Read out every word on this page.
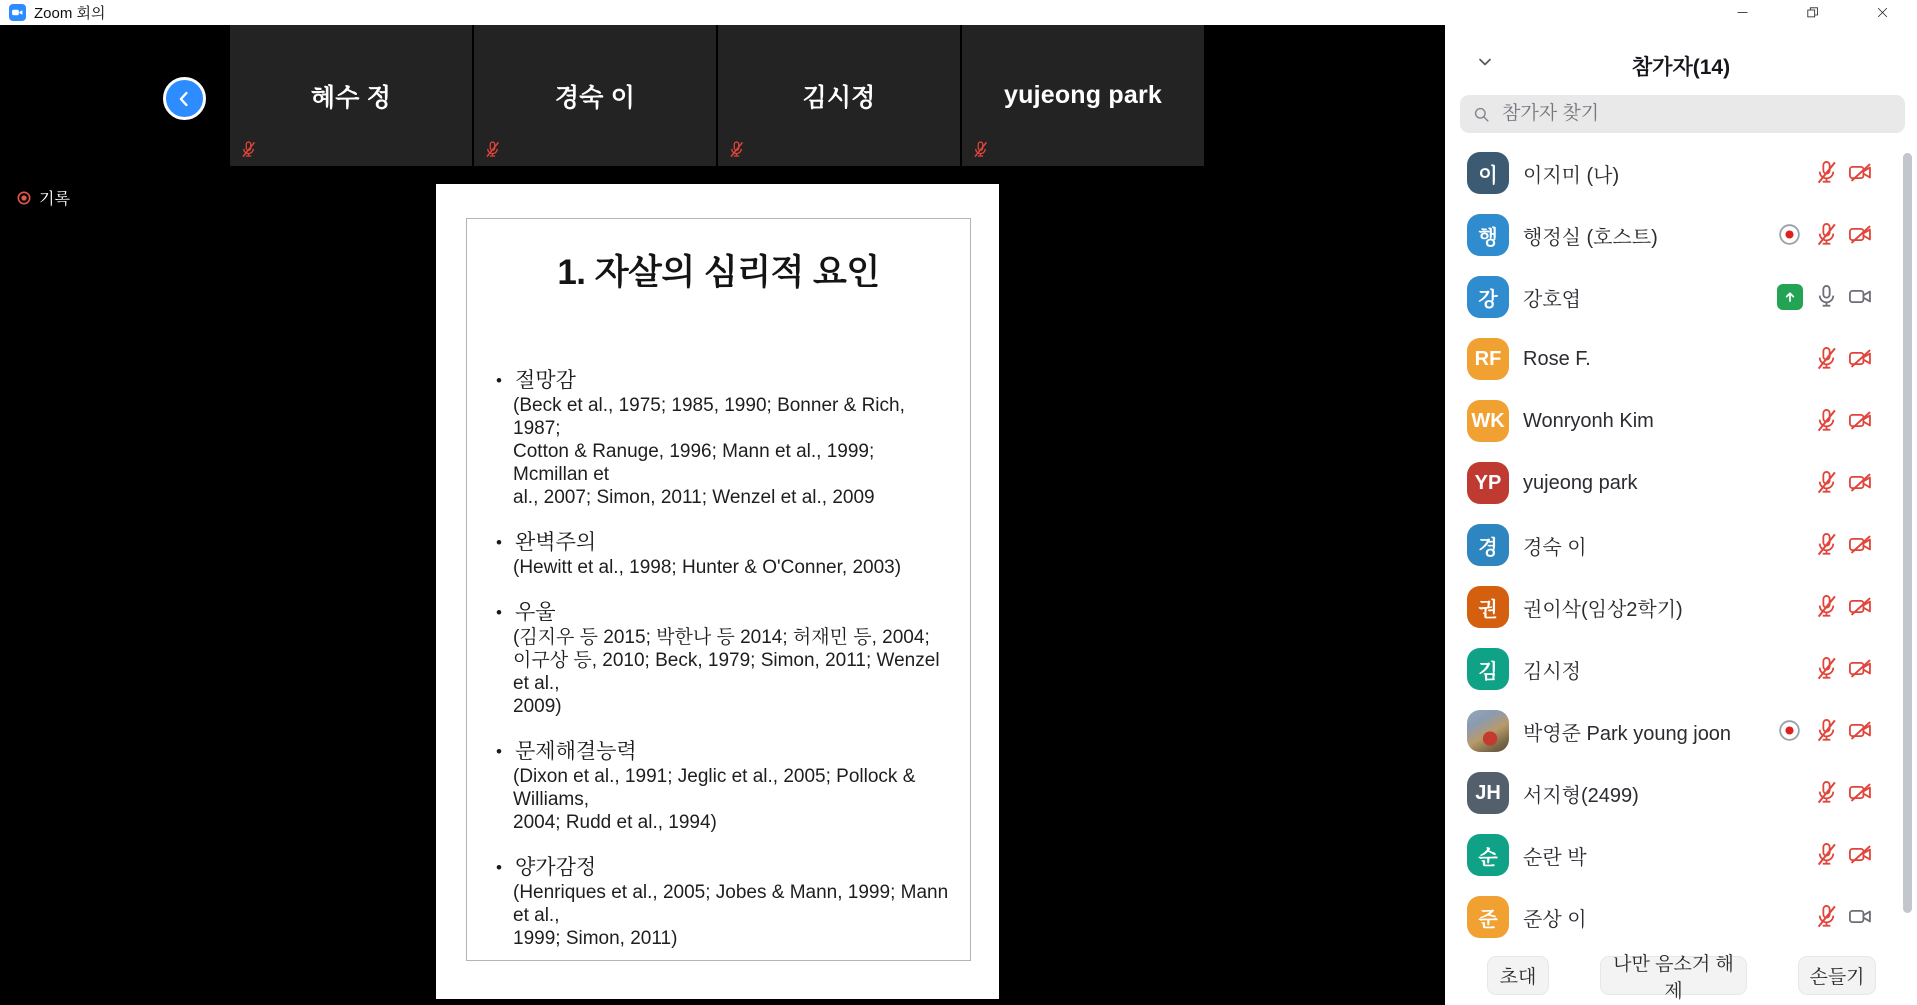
Zoom 회의
혜수 정	경숙 이	김시정	yujeong park
기록
1. 자살의 심리적 요인
• 절망감
(Beck et al., 1975; 1985, 1990; Bonner & Rich, 1987;
Cotton & Ranuge, 1996; Mann et al., 1999; Mcmillan et
al., 2007; Simon, 2011; Wenzel et al., 2009
• 완벽주의
(Hewitt et al., 1998; Hunter & O'Conner, 2003)
• 우울
(김지우 등 2015; 박한나 등 2014; 허재민 등, 2004;
이구상 등, 2010; Beck, 1979; Simon, 2011; Wenzel et al.,
2009)
• 문제해결능력
(Dixon et al., 1991; Jeglic et al., 2005; Pollock & Williams,
2004; Rudd et al., 1994)
• 양가감정
(Henriques et al., 2005; Jobes & Mann, 1999; Mann et al.,
1999; Simon, 2011)
참가자(14)
참가자 찾기
이	이지미 (나)
행	행정실 (호스트)
강	강호엽
RF	Rose F.
WK Wonryonh Kim
YP	yujeong park
경	경숙 이
권	권이삭(임상2학기)
김	김시정
박영준 Park young joon
JH	서지형(2499)
순	순란 박
준	준상 이
초대
나만 음소거 해제
손들기
